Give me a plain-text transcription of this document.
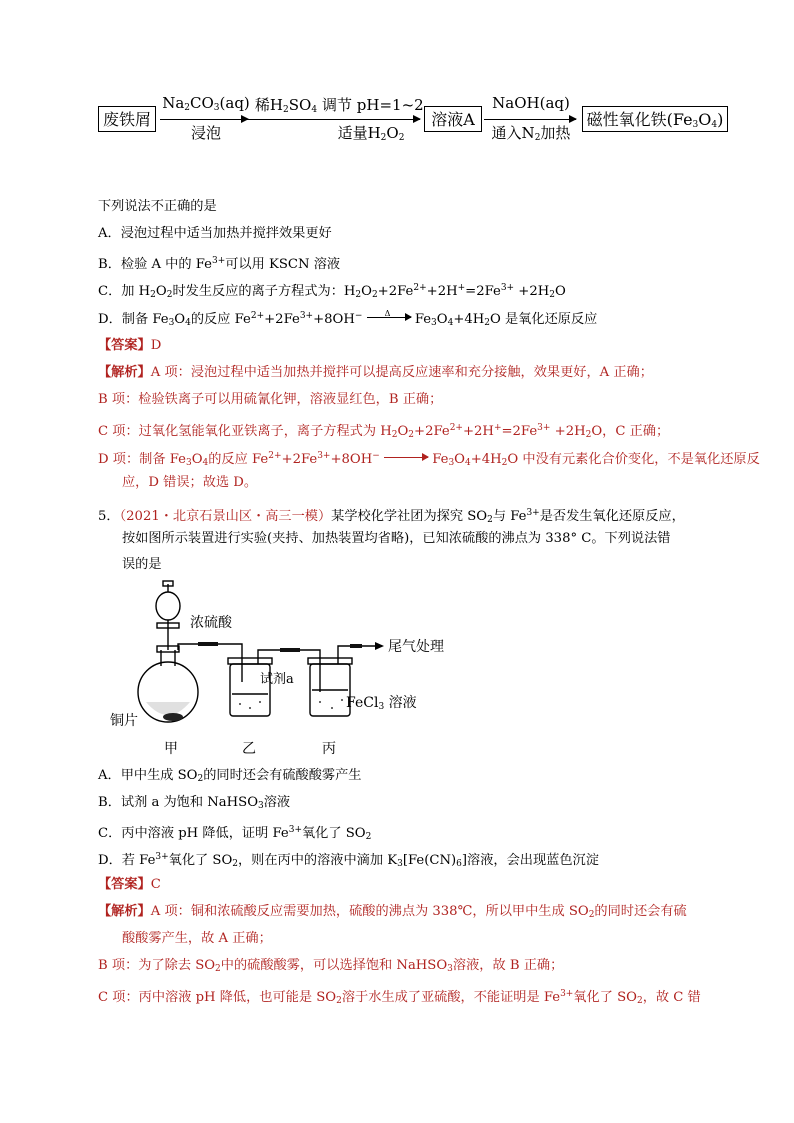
废铁屑
$Na_2CO_3(aq)$
浸泡
稀$H_2SO_4$ 调节 pH=1~2
适量$H_2O_2$
溶液A
NaOH(aq)
通入$N_2$加热
磁性氧化铁$(Fe_3O_4)$
下列说法不正确的是
A．浸泡过程中适当加热并搅拌效果更好
B．检验 A 中的 $Fe^{3+}$可以用 KSCN 溶液
C．加 $H_2O_2$时发生反应的离子方程式为：$H_2O_2+2Fe^{2+}+2H^+=2Fe^{3+} +2H_2O$
D．制备 $Fe_3O_4$的反应 $Fe^{2+}+2Fe^{3+}+8OH^-$	Δ $Fe_3O_4+4H_2O$ 是氧化还原反应
【答案】D
【解析】A 项：浸泡过程中适当加热并搅拌可以提高反应速率和充分接触，效果更好，A 正确；
B 项：检验铁离子可以用硫氰化钾，溶液显红色，B 正确；
C 项：过氧化氢能氧化亚铁离子，离子方程式为 $H_2O_2+2Fe^{2+}+2H^+=2Fe^{3+} +2H_2O$，C 正确；
D 项：制备 $Fe_3O_4$的反应 $Fe^{2+}+2Fe^{3+}+8OH^-$	$Fe_3O_4+4H_2O$ 中没有元素化合价变化，不是氧化还原反
应，D 错误；故选 D。
5．（2021・北京石景山区・高三一模）某学校化学社团为探究 $SO_2$与 $Fe^{3+}$是否发生氧化还原反应，
按如图所示装置进行实验(夹持、加热装置均省略)，已知浓硫酸的沸点为 338° C。下列说法错
误的是
浓硫酸
尾气处理
试剂a
FeCl$_3$ 溶液
铜片
甲	乙	丙
A．甲中生成 $SO_2$的同时还会有硫酸酸雾产生
B．试剂 a 为饱和 NaHSO$_3$溶液
C．丙中溶液 pH 降低，证明 $Fe^{3+}$氧化了 $SO_2$
D．若 $Fe^{3+}$氧化了 $SO_2$，则在丙中的溶液中滴加 $K_3[Fe(CN)_6]$溶液，会出现蓝色沉淀
【答案】C
【解析】A 项：铜和浓硫酸反应需要加热，硫酸的沸点为 338℃，所以甲中生成 $SO_2$的同时还会有硫
酸酸雾产生，故 A 正确；
B 项：为了除去 $SO_2$中的硫酸酸雾，可以选择饱和 NaHSO$_3$溶液，故 B 正确；
C 项：丙中溶液 pH 降低，也可能是 $SO_2$溶于水生成了亚硫酸，不能证明是 $Fe^{3+}$氧化了 $SO_2$，故 C 错
